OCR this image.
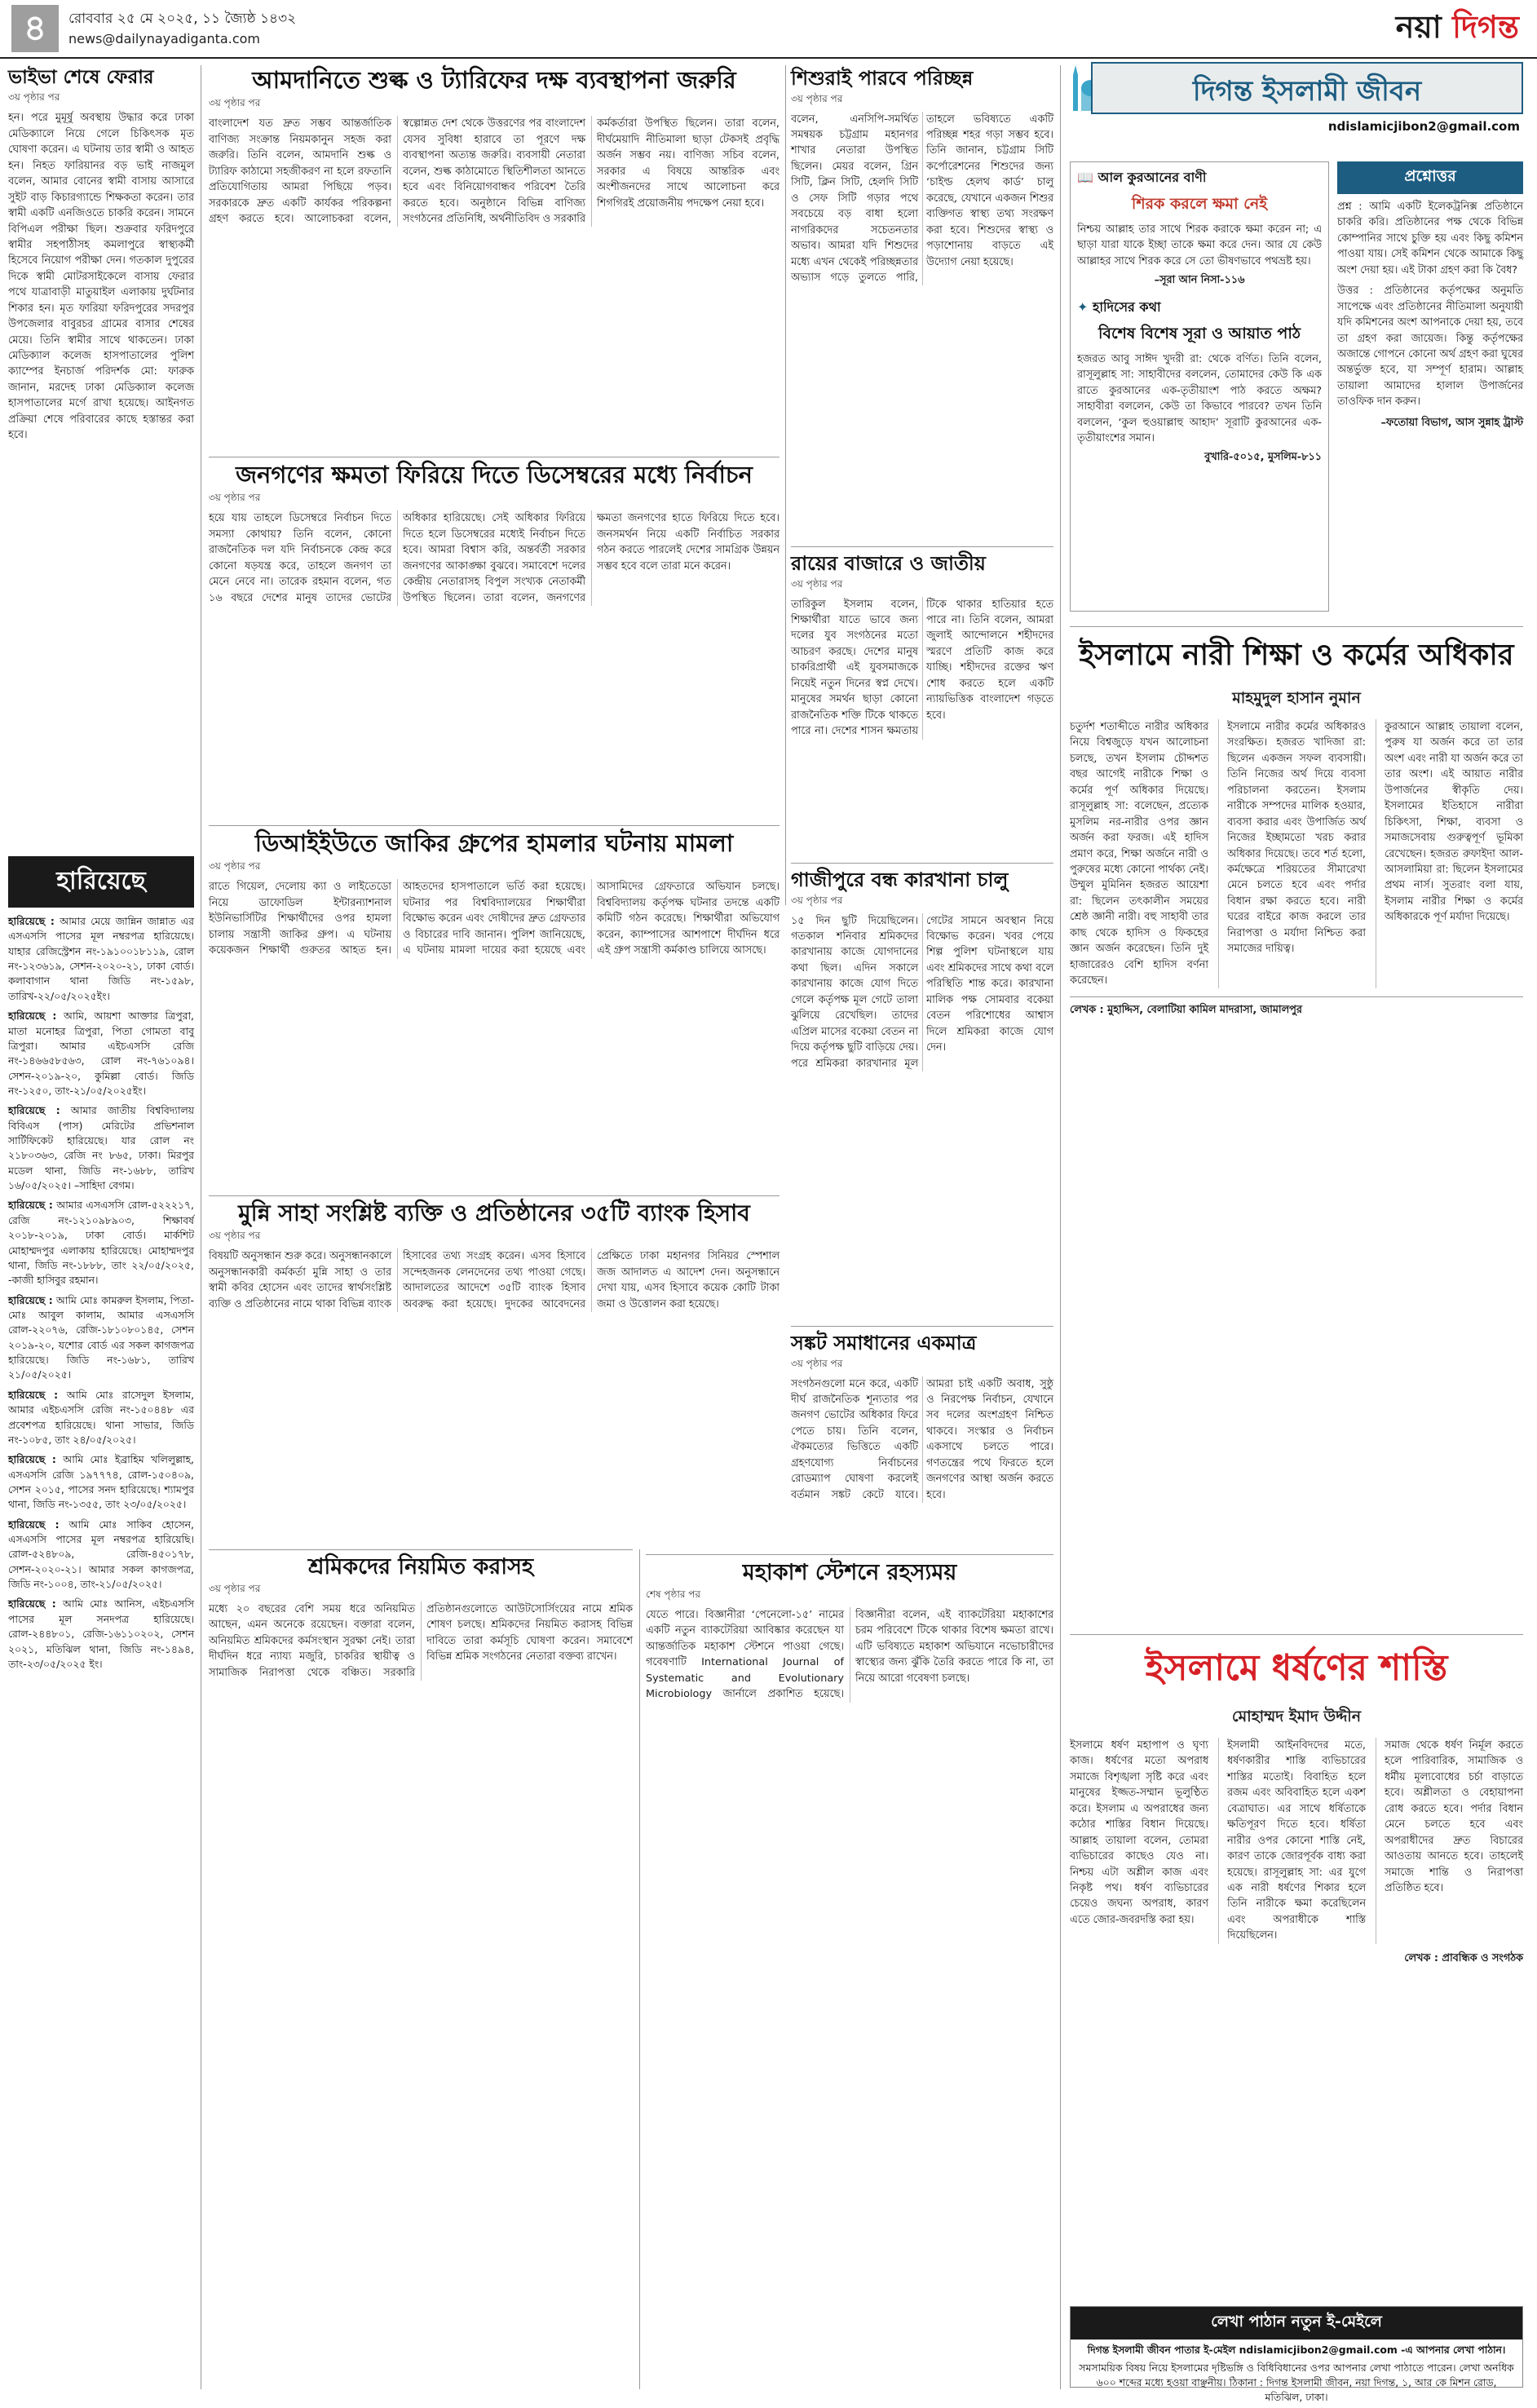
৪	রোববার ২৫ মে ২০২৫, ১১ জ্যৈষ্ঠ ১৪৩২
news@dailynayadiganta.com	নয়া দিগন্ত
ভাইভা শেষে ফেরার
৩য় পৃষ্ঠার পর
হন। পরে মুমূর্ষু অবস্থায় উদ্ধার করে ঢাকা মেডিক্যালে নিয়ে গেলে চিকিৎসক মৃত ঘোষণা করেন। এ ঘটনায় তার স্বামী ও আহত হন। নিহত ফারিয়ানর বড় ভাই নাজমুল বলেন, আমার বোনের স্বামী বাসায় আসারে সুইট বাড় কিচারগ্যান্ডে শিক্ষকতা করেন। তার স্বামী একটি এনজিওতে চাকরি করেন। সামনে বিপিএল পরীক্ষা ছিল। শুক্রবার ফরিদপুরে স্বামীর সহপাঠীসহ কমলাপুরে স্বাস্থ্যকর্মী হিসেবে নিয়োগ পরীক্ষা দেন। গতকাল দুপুরের দিকে স্বামী মোটরসাইকেলে বাসায় ফেরার পথে যাত্রাবাড়ী মাতুয়াইল এলাকায় দুর্ঘটনার শিকার হন। মৃত ফারিয়া ফরিদপুরের সদরপুর উপজেলার বাবুরচর গ্রামের বাসার শেষের মেয়ে। তিনি স্বামীর সাথে থাকতেন। ঢাকা মেডিক্যাল কলেজ হাসপাতালের পুলিশ ক্যাম্পের ইনচার্জ পরিদর্শক মো: ফারুক জানান, মরদেহ ঢাকা মেডিক্যাল কলেজ হাসপাতালের মর্গে রাখা হয়েছে। আইনগত প্রক্রিয়া শেষে পরিবারের কাছে হস্তান্তর করা হবে।
হারিয়েছে
হারিয়েছে : আমার মেয়ে জান্নিন জান্নাত এর এসএসসি পাসের মূল নম্বরপত্র হারিয়েছে। যাহার রেজিস্ট্রেশন নং-১৯১০০১৮১১৯, রোল নং-১২৩৬১৯, সেশন-২০২০-২১, ঢাকা বোর্ড। কলাবাগান থানা জিডি নং-১৫৯৮, তারিখ-২২/০৫/২০২৫ইং।
হারিয়েছে : আমি, আয়শা আক্তার ত্রিপুরা, মাতা মনোহর ত্রিপুরা, পিতা গোমতা বাবু ত্রিপুরা। আমার এইচএসসি রেজি নং-১৪৬৬৫৮৫৬৩, রোল নং-৭৬১০৯৪। সেশন-২০১৯-২০, কুমিল্লা বোর্ড। জিডি নং-১২৫০, তাং-২১/০৫/২০২৫ইং।
হারিয়েছে : আমার জাতীয় বিশ্ববিদ্যালয় বিবিএস (পাস) মেরিটের প্রভিশনাল সার্টিফিকেট হারিয়েছে। যার রোল নং ২১৮০৩৬৩, রেজি নং ৮৬৫, ঢাকা। মিরপুর মডেল থানা, জিডি নং-১৬৮৮, তারিখ ১৬/০৫/২০২৫। –সাহিদা বেগম।
হারিয়েছে : আমার এসএসসি রোল-৫২২২১৭, রেজি নং-১২১০৯৮৯০৩, শিক্ষাবর্ষ ২০১৮-২০১৯, ঢাকা বোর্ড। মার্কশিট মোহাম্মদপুর এলাকায় হারিয়েছে। মোহাম্মদপুর থানা, জিডি নং-১৮৮৮, তাং ২২/০৫/২০২৫, -কাজী হাসিবুর রহমান।
হারিয়েছে : আমি মোঃ কামরুল ইসলাম, পিতা-মোঃ আবুল কালাম, আমার এসএসসি রোল-২২০৭৬, রেজি-১৮১০৮০১৪৫, সেশন ২০১৯-২০, যশোর বোর্ড এর সকল কাগজপত্র হারিয়েছে। জিডি নং-১৬৮১, তারিখ ২১/০৫/২০২৫।
হারিয়েছে : আমি মোঃ রাসেদুল ইসলাম, আমার এইচএসসি রেজি নং-১৫০৪৪৮ এর প্রবেশপত্র হারিয়েছে। থানা সাভার, জিডি নং-১০৮৫, তাং ২৪/০৫/২০২৫।
হারিয়েছে : আমি মোঃ ইব্রাহিম খলিলুল্লাহ, এসএসসি রেজি ১৯৭৭৭৪, রোল-১৫০৪০৯, সেশন ২০১৫, পাসের সনদ হারিয়েছে। শ্যামপুর থানা, জিডি নং-১৩৫৫, তাং ২৩/০৫/২০২৫।
হারিয়েছে : আমি মোঃ সাকিব হোসেন, এসএসসি পাসের মূল নম্বরপত্র হারিয়েছি। রোল-৫২৪৮০৯, রেজি-৪৫০১৭৮, সেশন-২০২০-২১। আমার সকল কাগজপত্র, জিডি নং-১০০৪, তাং-২১/০৫/২০২৫।
হারিয়েছে : আমি মোঃ আনিস, এইচএসসি পাসের মূল সনদপত্র হারিয়েছে। রোল-২৪৪৮০১, রেজি-১৬১১০২০২, সেশন ২০২১, মতিঝিল থানা, জিডি নং-১৪৯৪, তাং-২৩/০৫/২০২৫ ইং।
আমদানিতে শুল্ক ও ট্যারিফের দক্ষ ব্যবস্থাপনা জরুরি
৩য় পৃষ্ঠার পর
বাংলাদেশ যত দ্রুত সম্ভব আন্তর্জাতিক বাণিজ্য সংক্রান্ত নিয়মকানুন সহজ করা জরুরি। তিনি বলেন, আমদানি শুল্ক ও ট্যারিফ কাঠামো সহজীকরণ না হলে রফতানি প্রতিযোগিতায় আমরা পিছিয়ে পড়ব। সরকারকে দ্রুত একটি কার্যকর পরিকল্পনা গ্রহণ করতে হবে। আলোচকরা বলেন, স্বল্পোন্নত দেশ থেকে উত্তরণের পর বাংলাদেশ যেসব সুবিধা হারাবে তা পূরণে দক্ষ ব্যবস্থাপনা অত্যন্ত জরুরি। ব্যবসায়ী নেতারা বলেন, শুল্ক কাঠামোতে স্থিতিশীলতা আনতে হবে এবং বিনিয়োগবান্ধব পরিবেশ তৈরি করতে হবে। অনুষ্ঠানে বিভিন্ন বাণিজ্য সংগঠনের প্রতিনিধি, অর্থনীতিবিদ ও সরকারি কর্মকর্তারা উপস্থিত ছিলেন। তারা বলেন, দীর্ঘমেয়াদি নীতিমালা ছাড়া টেকসই প্রবৃদ্ধি অর্জন সম্ভব নয়। বাণিজ্য সচিব বলেন, সরকার এ বিষয়ে আন্তরিক এবং অংশীজনদের সাথে আলোচনা করে শিগগিরই প্রয়োজনীয় পদক্ষেপ নেয়া হবে।
শিশুরাই পারবে পরিচ্ছন্ন
৩য় পৃষ্ঠার পর
বলেন, এনসিপি-সমর্থিত সমন্বয়ক চট্টগ্রাম মহানগর শাখার নেতারা উপস্থিত ছিলেন। মেয়র বলেন, গ্রিন সিটি, ক্লিন সিটি, হেলদি সিটি ও সেফ সিটি গড়ার পথে সবচেয়ে বড় বাধা হলো নাগরিকদের সচেতনতার অভাব। আমরা যদি শিশুদের মধ্যে এখন থেকেই পরিচ্ছন্নতার অভ্যাস গড়ে তুলতে পারি, তাহলে ভবিষ্যতে একটি পরিচ্ছন্ন শহর গড়া সম্ভব হবে। তিনি জানান, চট্টগ্রাম সিটি কর্পোরেশনের শিশুদের জন্য ‘চাইল্ড হেলথ কার্ড’ চালু করেছে, যেখানে একজন শিশুর ব্যক্তিগত স্বাস্থ্য তথ্য সংরক্ষণ করা হবে। শিশুদের স্বাস্থ্য ও পড়াশোনায় বাড়তে এই উদ্যোগ নেয়া হয়েছে।
রায়ের বাজারে ও জাতীয়
৩য় পৃষ্ঠার পর
তারিকুল ইসলাম বলেন, শিক্ষার্থীরা যাতে ভাবে জন্য দলের যুব সংগঠনের মতো আচরণ করছে। দেশের মানুষ চাকরিপ্রার্থী এই যুবসমাজকে নিয়েই নতুন দিনের স্বপ্ন দেখে। মানুষের সমর্থন ছাড়া কোনো রাজনৈতিক শক্তি টিকে থাকতে পারে না। দেশের শাসন ক্ষমতায় টিকে থাকার হাতিয়ার হতে পারে না। তিনি বলেন, আমরা জুলাই আন্দোলনে শহীদদের স্মরণে প্রতিটি কাজ করে যাচ্ছি। শহীদদের রক্তের ঋণ শোধ করতে হলে একটি ন্যায়ভিত্তিক বাংলাদেশ গড়তে হবে।
জনগণের ক্ষমতা ফিরিয়ে দিতে ডিসেম্বরের মধ্যে নির্বাচন
৩য় পৃষ্ঠার পর
হয়ে যায় তাহলে ডিসেম্বরে নির্বাচন দিতে সমস্যা কোথায়? তিনি বলেন, কোনো রাজনৈতিক দল যদি নির্বাচনকে কেন্দ্র করে কোনো ষড়যন্ত্র করে, তাহলে জনগণ তা মেনে নেবে না। তারেক রহমান বলেন, গত ১৬ বছরে দেশের মানুষ তাদের ভোটের অধিকার হারিয়েছে। সেই অধিকার ফিরিয়ে দিতে হলে ডিসেম্বরের মধ্যেই নির্বাচন দিতে হবে। আমরা বিশ্বাস করি, অন্তর্বর্তী সরকার জনগণের আকাঙ্ক্ষা বুঝবে। সমাবেশে দলের কেন্দ্রীয় নেতারাসহ বিপুল সংখ্যক নেতাকর্মী উপস্থিত ছিলেন। তারা বলেন, জনগণের ক্ষমতা জনগণের হাতে ফিরিয়ে দিতে হবে। জনসমর্থন নিয়ে একটি নির্বাচিত সরকার গঠন করতে পারলেই দেশের সামগ্রিক উন্নয়ন সম্ভব হবে বলে তারা মনে করেন।
ডিআইইউতে জাকির গ্রুপের হামলার ঘটনায় মামলা
৩য় পৃষ্ঠার পর
রাতে গিয়েল, দেলোয় ক্যা ও লাইতেডো নিয়ে ডাফোডিল ইন্টারন্যাশনাল ইউনিভার্সিটির শিক্ষার্থীদের ওপর হামলা চালায় সন্ত্রাসী জাকির গ্রুপ। এ ঘটনায় কয়েকজন শিক্ষার্থী গুরুতর আহত হন। আহতদের হাসপাতালে ভর্তি করা হয়েছে। ঘটনার পর বিশ্ববিদ্যালয়ের শিক্ষার্থীরা বিক্ষোভ করেন এবং দোষীদের দ্রুত গ্রেফতার ও বিচারের দাবি জানান। পুলিশ জানিয়েছে, এ ঘটনায় মামলা দায়ের করা হয়েছে এবং আসামিদের গ্রেফতারে অভিযান চলছে। বিশ্ববিদ্যালয় কর্তৃপক্ষ ঘটনার তদন্তে একটি কমিটি গঠন করেছে। শিক্ষার্থীরা অভিযোগ করেন, ক্যাম্পাসের আশপাশে দীর্ঘদিন ধরে এই গ্রুপ সন্ত্রাসী কর্মকাণ্ড চালিয়ে আসছে।
গাজীপুরে বন্ধ কারখানা চালু
৩য় পৃষ্ঠার পর
১৫ দিন ছুটি দিয়েছিলেন। গতকাল শনিবার শ্রমিকদের কারখানায় কাজে যোগদানের কথা ছিল। এদিন সকালে কারখানায় কাজে যোগ দিতে গেলে কর্তৃপক্ষ মূল গেটে তালা ঝুলিয়ে রেখেছিল। তাদের এপ্রিল মাসের বকেয়া বেতন না দিয়ে কর্তৃপক্ষ ছুটি বাড়িয়ে দেয়। পরে শ্রমিকরা কারখানার মূল গেটের সামনে অবস্থান নিয়ে বিক্ষোভ করেন। খবর পেয়ে শিল্প পুলিশ ঘটনাস্থলে যায় এবং শ্রমিকদের সাথে কথা বলে পরিস্থিতি শান্ত করে। কারখানা মালিক পক্ষ সোমবার বকেয়া বেতন পরিশোধের আশ্বাস দিলে শ্রমিকরা কাজে যোগ দেন।
মুন্নি সাহা সংশ্লিষ্ট ব্যক্তি ও প্রতিষ্ঠানের ৩৫টি ব্যাংক হিসাব
৩য় পৃষ্ঠার পর
বিষয়টি অনুসন্ধান শুরু করে। অনুসন্ধানকালে অনুসন্ধানকারী কর্মকর্তা মুন্নি সাহা ও তার স্বামী কবির হোসেন এবং তাদের স্বার্থসংশ্লিষ্ট ব্যক্তি ও প্রতিষ্ঠানের নামে থাকা বিভিন্ন ব্যাংক হিসাবের তথ্য সংগ্রহ করেন। এসব হিসাবে সন্দেহজনক লেনদেনের তথ্য পাওয়া গেছে। আদালতের আদেশে ৩৫টি ব্যাংক হিসাব অবরুদ্ধ করা হয়েছে। দুদকের আবেদনের প্রেক্ষিতে ঢাকা মহানগর সিনিয়র স্পেশাল জজ আদালত এ আদেশ দেন। অনুসন্ধানে দেখা যায়, এসব হিসাবে কয়েক কোটি টাকা জমা ও উত্তোলন করা হয়েছে।
সঙ্কট সমাধানের একমাত্র
৩য় পৃষ্ঠার পর
সংগঠনগুলো মনে করে, একটি দীর্ঘ রাজনৈতিক শূন্যতার পর জনগণ ভোটের অধিকার ফিরে পেতে চায়। তিনি বলেন, ঐকমত্যের ভিত্তিতে একটি গ্রহণযোগ্য নির্বাচনের রোডম্যাপ ঘোষণা করলেই বর্তমান সঙ্কট কেটে যাবে। আমরা চাই একটি অবাধ, সুষ্ঠু ও নিরপেক্ষ নির্বাচন, যেখানে সব দলের অংশগ্রহণ নিশ্চিত থাকবে। সংস্কার ও নির্বাচন একসাথে চলতে পারে। গণতন্ত্রের পথে ফিরতে হলে জনগণের আস্থা অর্জন করতে হবে।
শ্রমিকদের নিয়মিত করাসহ
৩য় পৃষ্ঠার পর
মধ্যে ২০ বছরের বেশি সময় ধরে অনিয়মিত আছেন, এমন অনেকে রয়েছেন। বক্তারা বলেন, অনিয়মিত শ্রমিকদের কর্মসংস্থান সুরক্ষা নেই। তারা দীর্ঘদিন ধরে ন্যায্য মজুরি, চাকরির স্থায়ীত্ব ও সামাজিক নিরাপত্তা থেকে বঞ্চিত। সরকারি প্রতিষ্ঠানগুলোতে আউটসোর্সিংয়ের নামে শ্রমিক শোষণ চলছে। শ্রমিকদের নিয়মিত করাসহ বিভিন্ন দাবিতে তারা কর্মসূচি ঘোষণা করেন। সমাবেশে বিভিন্ন শ্রমিক সংগঠনের নেতারা বক্তব্য রাখেন।
মহাকাশ স্টেশনে রহস্যময়
শেষ পৃষ্ঠার পর
যেতে পারে। বিজ্ঞানীরা ‘পেনেলো-১৫’ নামের একটি নতুন ব্যাকটেরিয়া আবিষ্কার করেছেন যা আন্তর্জাতিক মহাকাশ স্টেশনে পাওয়া গেছে। গবেষণাটি International Journal of Systematic and Evolutionary Microbiology জার্নালে প্রকাশিত হয়েছে। বিজ্ঞানীরা বলেন, এই ব্যাকটেরিয়া মহাকাশের চরম পরিবেশে টিকে থাকার বিশেষ ক্ষমতা রাখে। এটি ভবিষ্যতে মহাকাশ অভিযানে নভোচারীদের স্বাস্থ্যের জন্য ঝুঁকি তৈরি করতে পারে কি না, তা নিয়ে আরো গবেষণা চলছে।
দিগন্ত ইসলামী জীবন
ndislamicjibon2@gmail.com
📖 আল কুরআনের বাণী
শিরক করলে ক্ষমা নেই
নিশ্চয় আল্লাহ তার সাথে শিরক করাকে ক্ষমা করেন না; এ ছাড়া যারা যাকে ইচ্ছা তাকে ক্ষমা করে দেন। আর যে কেউ আল্লাহর সাথে শিরক করে সে তো ভীষণভাবে পথভ্রষ্ট হয়।
–সূরা আন নিসা-১১৬
✦ হাদিসের কথা
বিশেষ বিশেষ সূরা ও আয়াত পাঠ
হজরত আবু সাঈদ খুদরী রা: থেকে বর্ণিত। তিনি বলেন, রাসূলুল্লাহ সা: সাহাবীদের বললেন, তোমাদের কেউ কি এক রাতে কুরআনের এক-তৃতীয়াংশ পাঠ করতে অক্ষম? সাহাবীরা বললেন, কেউ তা কিভাবে পারবে? তখন তিনি বললেন, ‘কুল হুওয়াল্লাহু আহাদ’ সূরাটি কুরআনের এক-তৃতীয়াংশের সমান।
বুখারি-৫০১৫, মুসলিম-৮১১
প্রশ্নোত্তর
প্রশ্ন : আমি একটি ইলেকট্রনিক্স প্রতিষ্ঠানে চাকরি করি। প্রতিষ্ঠানের পক্ষ থেকে বিভিন্ন কোম্পানির সাথে চুক্তি হয় এবং কিছু কমিশন পাওয়া যায়। সেই কমিশন থেকে আমাকে কিছু অংশ দেয়া হয়। এই টাকা গ্রহণ করা কি বৈধ?
উত্তর : প্রতিষ্ঠানের কর্তৃপক্ষের অনুমতি সাপেক্ষে এবং প্রতিষ্ঠানের নীতিমালা অনুযায়ী যদি কমিশনের অংশ আপনাকে দেয়া হয়, তবে তা গ্রহণ করা জায়েজ। কিন্তু কর্তৃপক্ষের অজান্তে গোপনে কোনো অর্থ গ্রহণ করা ঘুষের অন্তর্ভুক্ত হবে, যা সম্পূর্ণ হারাম। আল্লাহ তায়ালা আমাদের হালাল উপার্জনের তাওফিক দান করুন।
–ফতোয়া বিভাগ, আস সুন্নাহ ট্রাস্ট
ইসলামে নারী শিক্ষা ও কর্মের অধিকার
মাহমুদুল হাসান নুমান
চতুর্দশ শতাব্দীতে নারীর অধিকার নিয়ে বিশ্বজুড়ে যখন আলোচনা চলছে, তখন ইসলাম চৌদ্দশত বছর আগেই নারীকে শিক্ষা ও কর্মের পূর্ণ অধিকার দিয়েছে। রাসূলুল্লাহ সা: বলেছেন, প্রত্যেক মুসলিম নর-নারীর ওপর জ্ঞান অর্জন করা ফরজ। এই হাদিস প্রমাণ করে, শিক্ষা অর্জনে নারী ও পুরুষের মধ্যে কোনো পার্থক্য নেই। উম্মুল মুমিনিন হজরত আয়েশা রা: ছিলেন তৎকালীন সময়ের শ্রেষ্ঠ জ্ঞানী নারী। বহু সাহাবী তার কাছ থেকে হাদিস ও ফিকহের জ্ঞান অর্জন করেছেন। তিনি দুই হাজারেরও বেশি হাদিস বর্ণনা করেছেন।
ইসলামে নারীর কর্মের অধিকারও সংরক্ষিত। হজরত খাদিজা রা: ছিলেন একজন সফল ব্যবসায়ী। তিনি নিজের অর্থ দিয়ে ব্যবসা পরিচালনা করতেন। ইসলাম নারীকে সম্পদের মালিক হওয়ার, ব্যবসা করার এবং উপার্জিত অর্থ নিজের ইচ্ছামতো খরচ করার অধিকার দিয়েছে। তবে শর্ত হলো, কর্মক্ষেত্রে শরিয়তের সীমারেখা মেনে চলতে হবে এবং পর্দার বিধান রক্ষা করতে হবে। নারী ঘরের বাইরে কাজ করলে তার নিরাপত্তা ও মর্যাদা নিশ্চিত করা সমাজের দায়িত্ব।
কুরআনে আল্লাহ তায়ালা বলেন, পুরুষ যা অর্জন করে তা তার অংশ এবং নারী যা অর্জন করে তা তার অংশ। এই আয়াত নারীর উপার্জনের স্বীকৃতি দেয়। ইসলামের ইতিহাসে নারীরা চিকিৎসা, শিক্ষা, ব্যবসা ও সমাজসেবায় গুরুত্বপূর্ণ ভূমিকা রেখেছেন। হজরত রুফাইদা আল-আসলামিয়া রা: ছিলেন ইসলামের প্রথম নার্স। সুতরাং বলা যায়, ইসলাম নারীর শিক্ষা ও কর্মের অধিকারকে পূর্ণ মর্যাদা দিয়েছে।
লেখক : মুহাদ্দিস, বেলাটিয়া কামিল মাদরাসা, জামালপুর
ইসলামে ধর্ষণের শাস্তি
মোহাম্মদ ইমাদ উদ্দীন
ইসলামে ধর্ষণ মহাপাপ ও ঘৃণ্য কাজ। ধর্ষণের মতো অপরাধ সমাজে বিশৃঙ্খলা সৃষ্টি করে এবং মানুষের ইজ্জত-সম্মান ভূলুণ্ঠিত করে। ইসলাম এ অপরাধের জন্য কঠোর শাস্তির বিধান দিয়েছে। আল্লাহ তায়ালা বলেন, তোমরা ব্যভিচারের কাছেও যেও না। নিশ্চয় এটা অশ্লীল কাজ এবং নিকৃষ্ট পথ। ধর্ষণ ব্যভিচারের চেয়েও জঘন্য অপরাধ, কারণ এতে জোর-জবরদস্তি করা হয়।
ইসলামী আইনবিদদের মতে, ধর্ষণকারীর শাস্তি ব্যভিচারের শাস্তির মতোই। বিবাহিত হলে রজম এবং অবিবাহিত হলে একশ বেত্রাঘাত। এর সাথে ধর্ষিতাকে ক্ষতিপূরণ দিতে হবে। ধর্ষিতা নারীর ওপর কোনো শাস্তি নেই, কারণ তাকে জোরপূর্বক বাধ্য করা হয়েছে। রাসূলুল্লাহ সা: এর যুগে এক নারী ধর্ষণের শিকার হলে তিনি নারীকে ক্ষমা করেছিলেন এবং অপরাধীকে শাস্তি দিয়েছিলেন।
সমাজ থেকে ধর্ষণ নির্মূল করতে হলে পারিবারিক, সামাজিক ও ধর্মীয় মূল্যবোধের চর্চা বাড়াতে হবে। অশ্লীলতা ও বেহায়াপনা রোধ করতে হবে। পর্দার বিধান মেনে চলতে হবে এবং অপরাধীদের দ্রুত বিচারের আওতায় আনতে হবে। তাহলেই সমাজে শান্তি ও নিরাপত্তা প্রতিষ্ঠিত হবে।
লেখক : প্রাবন্ধিক ও সংগঠক
লেখা পাঠান নতুন ই-মেইলে
দিগন্ত ইসলামী জীবন পাতার ই-মেইল ndislamicjibon2@gmail.com -এ আপনার লেখা পাঠান।
সমসাময়িক বিষয় নিয়ে ইসলামের দৃষ্টিভঙ্গি ও বিধিবিধানের ওপর আপনার লেখা পাঠাতে পারেন। লেখা অনধিক ৬০০ শব্দের মধ্যে হওয়া বাঞ্ছনীয়। ঠিকানা : দিগন্ত ইসলামী জীবন, নয়া দিগন্ত, ১, আর কে মিশন রোড, মতিঝিল, ঢাকা।
